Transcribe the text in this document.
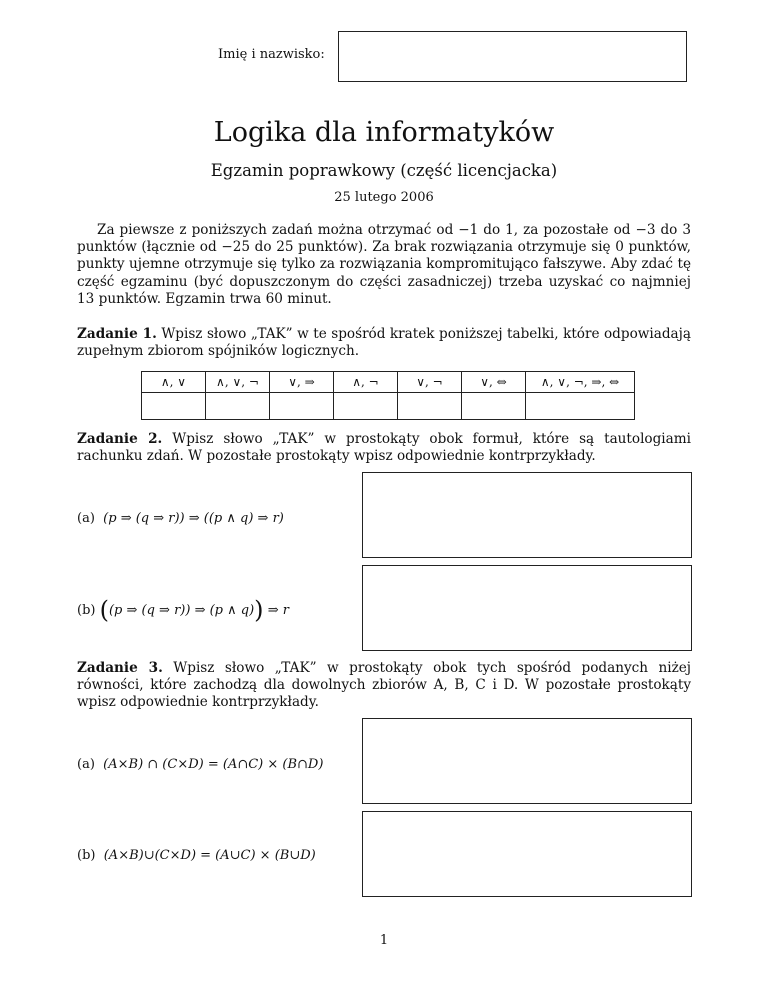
Imię i nazwisko:
Logika dla informatyków
Egzamin poprawkowy (część licencjacka)
25 lutego 2006
Za piewsze z poniższych zadań można otrzymać od −1 do 1, za pozostałe od −3 do 3 punktów (łącznie od −25 do 25 punktów). Za brak rozwiązania otrzymuje się 0 punktów, punkty ujemne otrzymuje się tylko za rozwiązania kompromitująco fałszywe. Aby zdać tę część egzaminu (być dopuszczonym do części zasadniczej) trzeba uzyskać co najmniej 13 punktów. Egzamin trwa 60 minut.
Zadanie 1. Wpisz słowo „TAK” w te spośród kratek poniższej tabelki, które odpowiadają zupełnym zbiorom spójników logicznych.
∧, ∨	∧, ∨, ¬	∨, ⇒	∧, ¬	∨, ¬	∨, ⇔	∧, ∨, ¬, ⇒, ⇔

Zadanie 2. Wpisz słowo „TAK” w prostokąty obok formuł, które są tautologiami rachunku zdań. W pozostałe prostokąty wpisz odpowiednie kontrprzykłady.
(a) (p ⇒ (q ⇒ r)) ⇒ ((p ∧ q) ⇒ r)
(b) ((p ⇒ (q ⇒ r)) ⇒ (p ∧ q)) ⇒ r
Zadanie 3. Wpisz słowo „TAK” w prostokąty obok tych spośród podanych niżej równości, które zachodzą dla dowolnych zbiorów A, B, C i D. W pozostałe prostokąty wpisz odpowiednie kontrprzykłady.
(a) (A×B) ∩ (C×D) = (A∩C) × (B∩D)
(b) (A×B)∪(C×D) = (A∪C) × (B∪D)
1
